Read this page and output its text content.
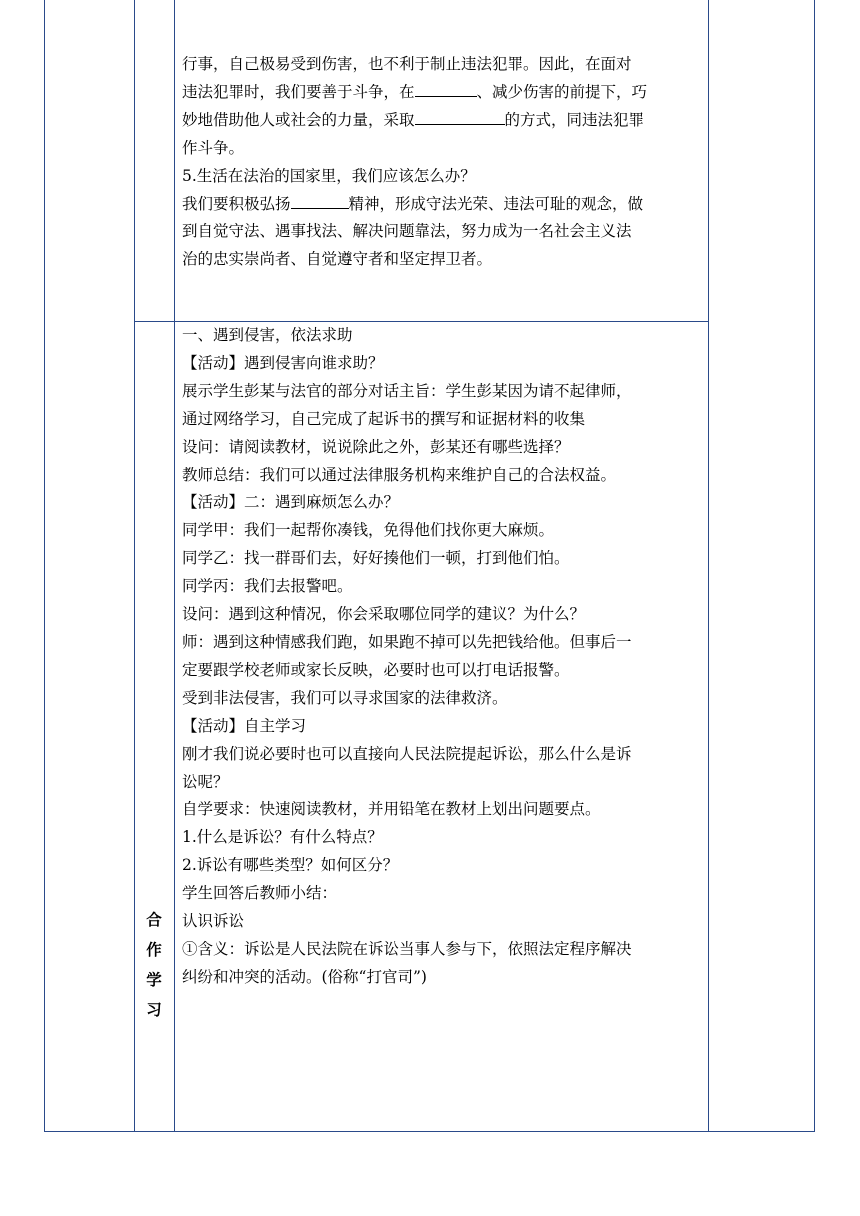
行事，自己极易受到伤害，也不利于制止违法犯罪。因此，在面对

违法犯罪时，我们要善于斗争，在	、减少伤害的前提下，巧

妙地借助他人或社会的力量，采取	的方式，同违法犯罪

作斗争。

5.生活在法治的国家里，我们应该怎么办？

我们要积极弘扬	精神，形成守法光荣、违法可耻的观念，做

到自觉守法、遇事找法、解决问题靠法，努力成为一名社会主义法

治的忠实崇尚者、自觉遵守者和坚定捍卫者。

合
作
学
习

一、遇到侵害，依法求助

【活动】遇到侵害向谁求助？

展示学生彭某与法官的部分对话主旨：学生彭某因为请不起律师，

通过网络学习，自己完成了起诉书的撰写和证据材料的收集

设问：请阅读教材，说说除此之外，彭某还有哪些选择？

教师总结：我们可以通过法律服务机构来维护自己的合法权益。

【活动】二：遇到麻烦怎么办？

同学甲：我们一起帮你凑钱，免得他们找你更大麻烦。

同学乙：找一群哥们去，好好揍他们一顿，打到他们怕。

同学丙：我们去报警吧。

设问：遇到这种情况，你会采取哪位同学的建议？为什么？

师：遇到这种情感我们跑，如果跑不掉可以先把钱给他。但事后一

定要跟学校老师或家长反映，必要时也可以打电话报警。

受到非法侵害，我们可以寻求国家的法律救济。

【活动】自主学习

刚才我们说必要时也可以直接向人民法院提起诉讼，那么什么是诉

讼呢？

自学要求：快速阅读教材，并用铅笔在教材上划出问题要点。

1.什么是诉讼？有什么特点？

2.诉讼有哪些类型？如何区分？

学生回答后教师小结：

认识诉讼

①含义：诉讼是人民法院在诉讼当事人参与下，依照法定程序解决

纠纷和冲突的活动。(俗称“打官司”)
